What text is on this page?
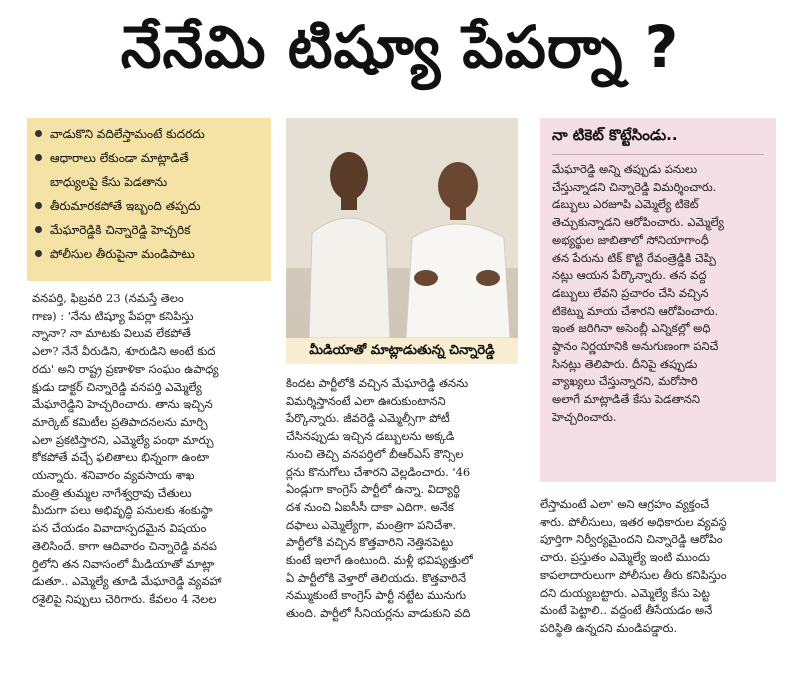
నేనేమి టిష్యూ పేపర్నా ?
వాడుకొని వదిలేస్తామంటే కుదరదు
ఆధారాలు లేకుండా మాట్లాడితే
బాధ్యులపై కేసు పెడతాను
తీరుమారకపోతే ఇబ్బంది తప్పదు
మేఘారెడ్డికి చిన్నారెడ్డి హెచ్చరిక
పోలీసుల తీరుపైనా మండిపాటు
మీడియాతో మాట్లాడుతున్న చిన్నారెడ్డి
నా టికెట్ కొట్టేసిండు..
మేఘారెడ్డి అన్ని తప్పుడు పనులు
చేస్తున్నాడని చిన్నారెడ్డి విమర్శించారు.
డబ్బులు ఎరజూపి ఎమ్మెల్యే టికెట్
తెచ్చుకున్నాడని ఆరోపించారు. ఎమ్మెల్యే
అభ్యర్థుల జాబితాలో సోనియాగాంధీ
తన పేరును టిక్ కొట్టి రేవంత్రెడ్డికి చెప్పి
నట్లు ఆయన పేర్కొన్నారు. తన వద్ద
డబ్బులు లేవని ప్రచారం చేసి వచ్చిన
టికెట్ను మాయ చేశారని ఆరోపించారు.
ఇంత జరిగినా అసెంబ్లీ ఎన్నికల్లో అధి
ష్ఠానం నిర్ణయానికి అనుగుణంగా పనిచే
సినట్లు తెలిపారు. దీనిపై తప్పుడు
వ్యాఖ్యలు చేస్తున్నారని, మరోసారి
అలాగే మాట్లాడితే కేసు పెడతానని
హెచ్చరించారు.
వనపర్తి, ఫిబ్రవరి 23 (నమస్తే తెలం
గాణ) : 'నేను టిష్యూ పేపర్లా కనిపిస్తు
న్నానా? నా మాటకు విలువ లేకపోతే
ఎలా? నేనే వీరుడిని, శూరుడిని అంటే కుద
రదు' అని రాష్ట్ర ప్రణాళికా సంఘం ఉపాధ్య
క్షుడు డాక్టర్ చిన్నారెడ్డి వనపర్తి ఎమ్మెల్యే
మేఘారెడ్డిని హెచ్చరించారు. తాను ఇచ్చిన
మార్కెట్ కమిటీల ప్రతిపాదనలను మార్చి
ఎలా ప్రకటిస్తారని, ఎమ్మెల్యే పంథా మార్చు
కోకపోతే వచ్చే ఫలితాలు భిన్నంగా ఉంటా
యన్నారు. శనివారం వ్యవసాయ శాఖ
మంత్రి తుమ్మల నాగేశ్వర్రావు చేతులు
మీదుగా పలు అభివృద్ధి పనులకు శంకుస్థా
పన చేయడం వివాదాస్పదమైన విషయం
తెలిసిందే. కాగా ఆదివారం చిన్నారెడ్డి వనప
ర్తిలోని తన నివాసంలో మీడియాతో మాట్లా
డుతూ.. ఎమ్మెల్యే తూడి మేఘారెడ్డి వ్యవహా
రశైలిపై నిప్పులు చెరిగారు. కేవలం 4 నెలల
కిందట పార్టీలోకి వచ్చిన మేఘారెడ్డి తనను
విమర్శిస్తానంటే ఎలా ఊరుకుంటానని
పేర్కొన్నారు. జీవరెడ్డి ఎమ్మెల్సీగా పోటీ
చేసినప్పుడు ఇచ్చిన డబ్బులను అక్కడి
నుంచి తెచ్చి వనపర్తిలో బీఆర్ఎస్ కౌన్సిల
ర్లను కొనుగోలు చేశారని వెల్లడించారు. '46
ఏండ్లుగా కాంగ్రెస్ పార్టీలో ఉన్నా. విద్యార్థి
దశ నుంచి ఏఐసీసీ దాకా ఎదిగా. అనేక
దఫాలు ఎమ్మెల్యేగా, మంత్రిగా పనిచేశా.
పార్టీలోకి వచ్చిన కొత్తవారిని నెత్తినపెట్టు
కుంటే ఇలాగే ఉంటుంది. మళ్లీ భవిష్యత్తులో
ఏ పార్టీలోకి వెళ్తారో తెలియదు. కొత్తవారినే
నమ్ముకుంటే కాంగ్రెస్ పార్టీ నట్టేట మునుగు
తుంది. పార్టీలో సీనియర్లను వాడుకుని వది
లేస్తామంటే ఎలా' అని ఆగ్రహం వ్యక్తంచే
శారు. పోలీసులు, ఇతర అధికారుల వ్యవస్థ
పూర్తిగా నిర్వీర్యమైందని చిన్నారెడ్డి ఆరోపిం
చారు. ప్రస్తుతం ఎమ్మెల్యే ఇంటి ముందు
కాపలాదారులుగా పోలీసుల తీరు కనిపిస్తుం
దని దుయ్యబట్టారు. ఎమ్మెల్యే కేసు పెట్ట
మంటే పెట్టాలి.. వద్దంటే తీసేయడం అనే
పరిస్థితి ఉన్నదని మండిపడ్డారు.
